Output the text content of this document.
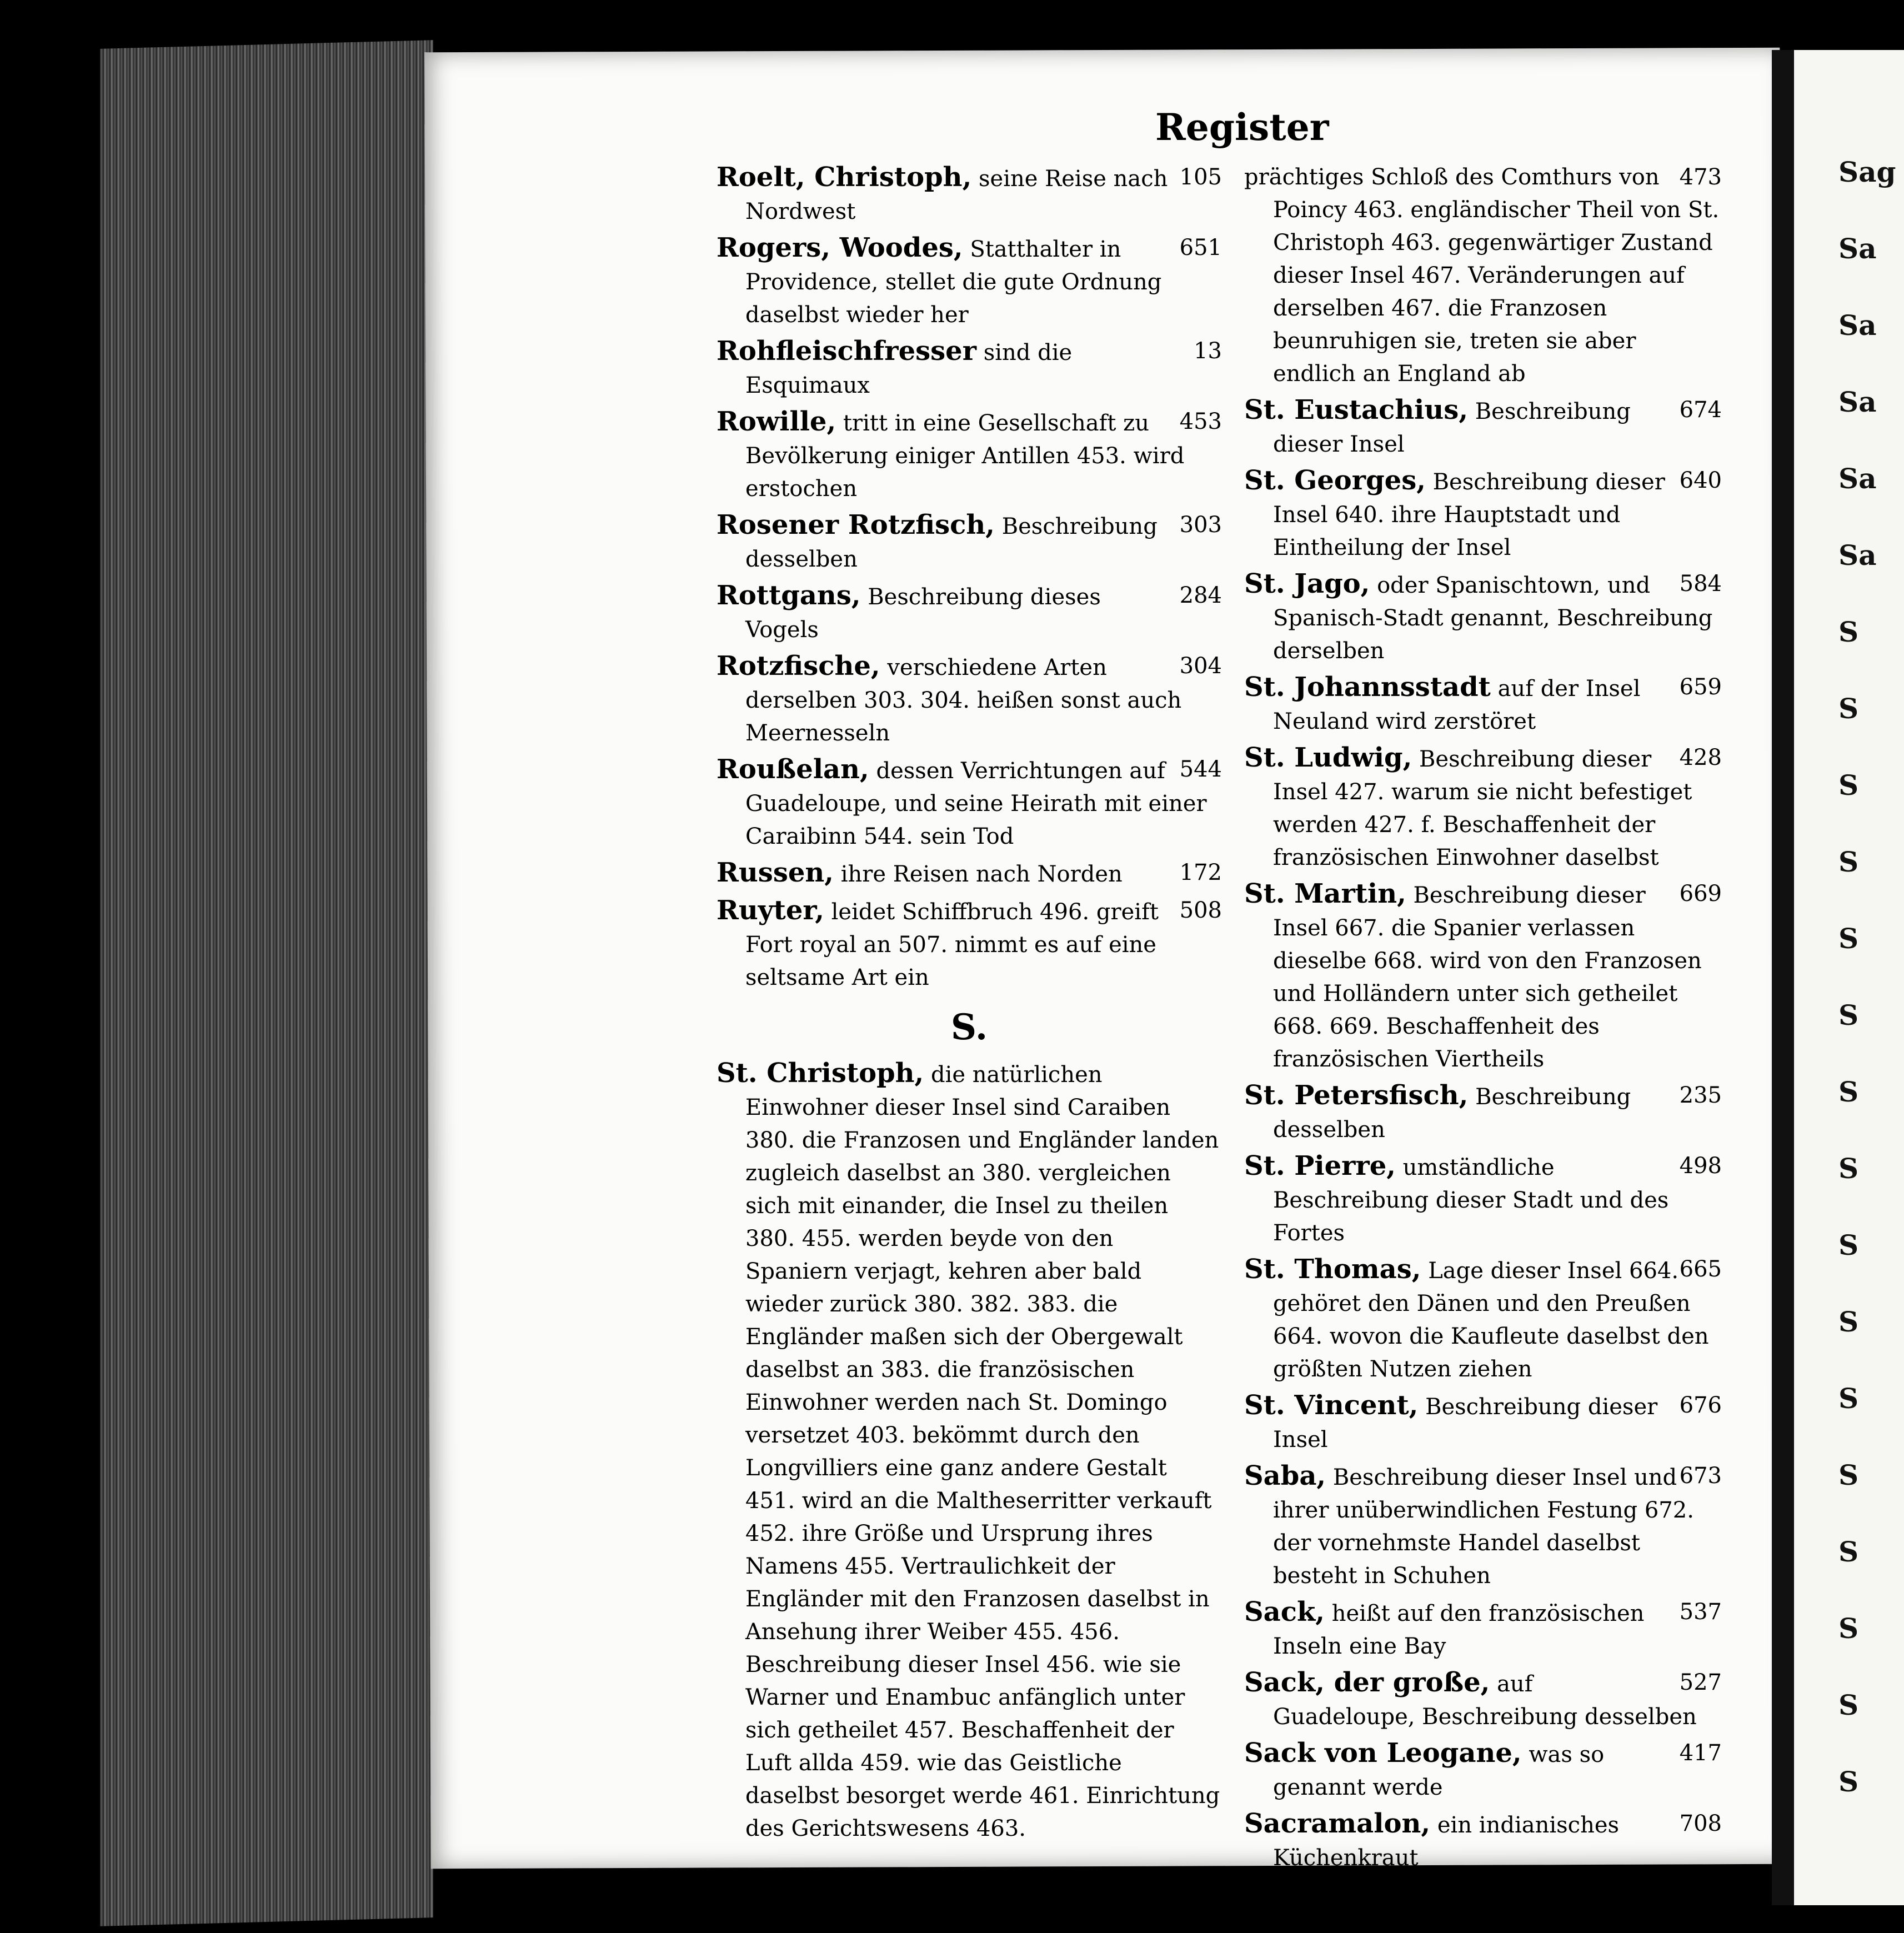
Register
105
Roelt, Christoph, seine Reise nach Nordwest
651
Rogers, Woodes, Statthalter in Providence, stellet die gute Ordnung daselbst wieder her
13
Rohfleischfresser sind die Esquimaux
453
Rowille, tritt in eine Gesellschaft zu Bevölkerung einiger Antillen 453. wird erstochen
303
Rosener Rotzfisch, Beschreibung desselben
284
Rottgans, Beschreibung dieses Vogels
304
Rotzfische, verschiedene Arten derselben 303. 304. heißen sonst auch Meernesseln
544
Roußelan, dessen Verrichtungen auf Guadeloupe, und seine Heirath mit einer Caraibinn 544. sein Tod
172
Russen, ihre Reisen nach Norden
508
Ruyter, leidet Schiffbruch 496. greift Fort royal an 507. nimmt es auf eine seltsame Art ein
S.
St. Christoph, die natürlichen Einwohner dieser Insel sind Caraiben 380. die Franzosen und Engländer landen zugleich daselbst an 380. vergleichen sich mit einander, die Insel zu theilen 380. 455. werden beyde von den Spaniern verjagt, kehren aber bald wieder zurück 380. 382. 383. die Engländer maßen sich der Obergewalt daselbst an 383. die französischen Einwohner werden nach St. Domingo versetzet 403. bekömmt durch den Longvilliers eine ganz andere Gestalt 451. wird an die Maltheserritter verkauft 452. ihre Größe und Ursprung ihres Namens 455. Vertraulichkeit der Engländer mit den Franzosen daselbst in Ansehung ihrer Weiber 455. 456. Beschreibung dieser Insel 456. wie sie Warner und Enambuc anfänglich unter sich getheilet 457. Beschaffenheit der Luft allda 459. wie das Geistliche daselbst besorget werde 461. Einrichtung des Gerichtswesens 463.
473
prächtiges Schloß des Comthurs von Poincy 463. engländischer Theil von St. Christoph 463. gegenwärtiger Zustand dieser Insel 467. Veränderungen auf derselben 467. die Franzosen beunruhigen sie, treten sie aber endlich an England ab
674
St. Eustachius, Beschreibung dieser Insel
640
St. Georges, Beschreibung dieser Insel 640. ihre Hauptstadt und Eintheilung der Insel
584
St. Jago, oder Spanischtown, und Spanisch-Stadt genannt, Beschreibung derselben
659
St. Johannsstadt auf der Insel Neuland wird zerstöret
428
St. Ludwig, Beschreibung dieser Insel 427. warum sie nicht befestiget werden 427. f. Beschaffenheit der französischen Einwohner daselbst
669
St. Martin, Beschreibung dieser Insel 667. die Spanier verlassen dieselbe 668. wird von den Franzosen und Holländern unter sich getheilet 668. 669. Beschaffenheit des französischen Viertheils
235
St. Petersfisch, Beschreibung desselben
498
St. Pierre, umständliche Beschreibung dieser Stadt und des Fortes
665
St. Thomas, Lage dieser Insel 664. gehöret den Dänen und den Preußen 664. wovon die Kaufleute daselbst den größten Nutzen ziehen
676
St. Vincent, Beschreibung dieser Insel
673
Saba, Beschreibung dieser Insel und ihrer unüberwindlichen Festung 672. der vornehmste Handel daselbst besteht in Schuhen
537
Sack, heißt auf den französischen Inseln eine Bay
527
Sack, der große, auf Guadeloupe, Beschreibung desselben
417
Sack von Leogane, was so genannt werde
708
Sacramalon, ein indianisches Küchenkraut
Saga-
Sag
Sa
Sa
Sa
Sa
Sa
S
S
S
S
S
S
S
S
S
S
S
S
S
S
S
S
